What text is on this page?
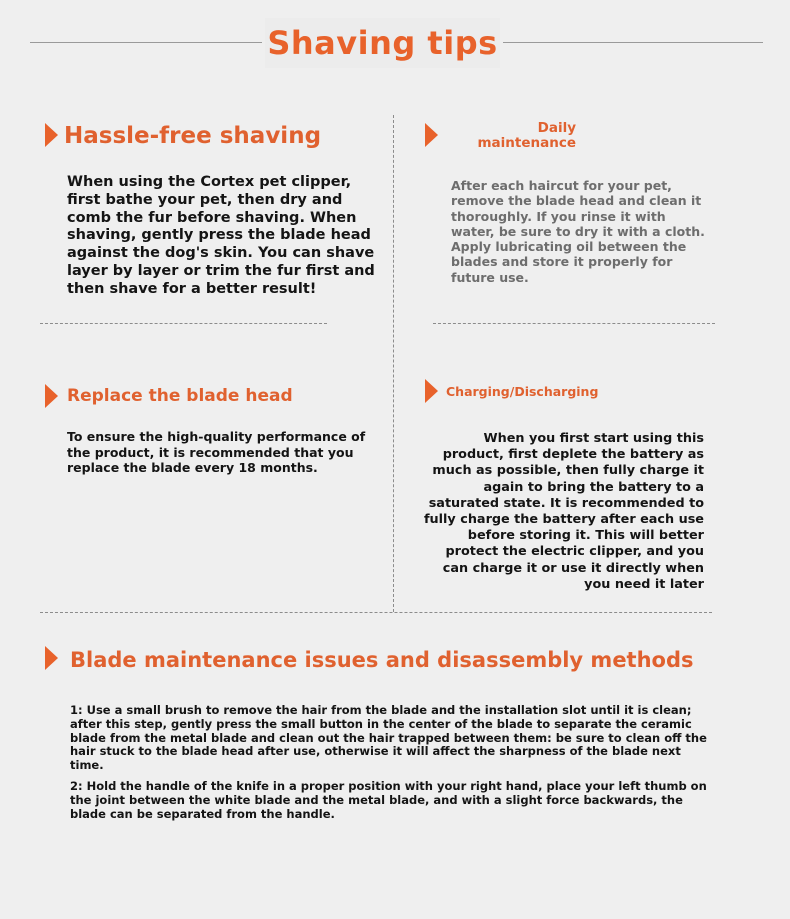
Shaving tips
Hassle-free shaving
When using the Cortex pet clipper, first bathe your pet, then dry and comb the fur before shaving. When shaving, gently press the blade head against the dog's skin. You can shave layer by layer or trim the fur first and then shave for a better result!
Daily
maintenance
After each haircut for your pet, remove the blade head and clean it thoroughly. If you rinse it with water, be sure to dry it with a cloth. Apply lubricating oil between the blades and store it properly for future use.
Replace the blade head
To ensure the high-quality performance of the product, it is recommended that you replace the blade every 18 months.
Charging/Discharging
When you first start using this product, first deplete the battery as much as possible, then fully charge it again to bring the battery to a saturated state. It is recommended to fully charge the battery after each use before storing it. This will better protect the electric clipper, and you can charge it or use it directly when you need it later
Blade maintenance issues and disassembly methods
1: Use a small brush to remove the hair from the blade and the installation slot until it is clean; after this step, gently press the small button in the center of the blade to separate the ceramic blade from the metal blade and clean out the hair trapped between them: be sure to clean off the hair stuck to the blade head after use, otherwise it will affect the sharpness of the blade next time.
2: Hold the handle of the knife in a proper position with your right hand, place your left thumb on the joint between the white blade and the metal blade, and with a slight force backwards, the blade can be separated from the handle.
